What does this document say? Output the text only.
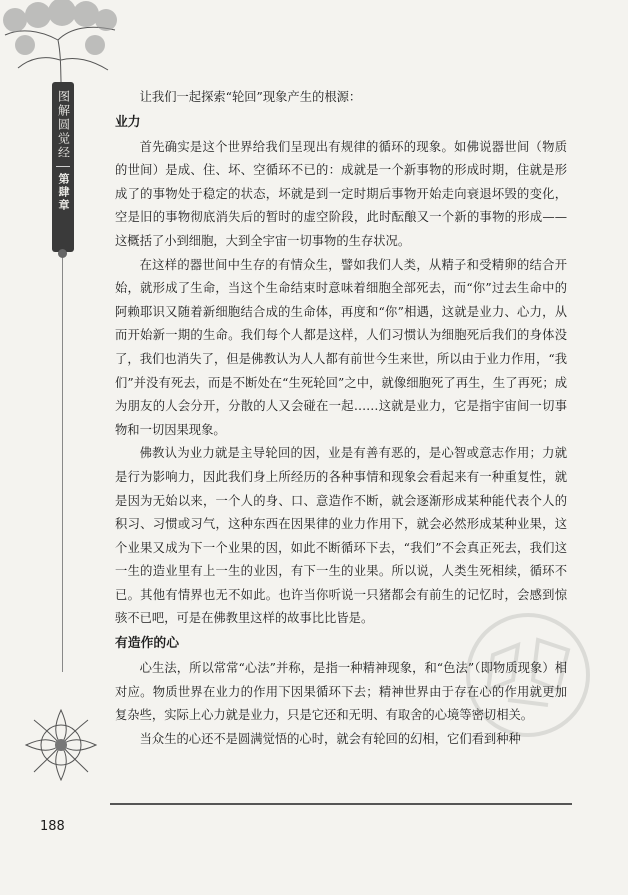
图解圆觉经
第肆章

让我们一起探索“轮回”现象产生的根源：

业力

首先确实是这个世界给我们呈现出有规律的循环的现象。如佛说器世间（物质的世间）是成、住、坏、空循环不已的：成就是一个新事物的形成时期，住就是形成了的事物处于稳定的状态，坏就是到一定时期后事物开始走向衰退坏毁的变化，空是旧的事物彻底消失后的暂时的虚空阶段，此时酝酿又一个新的事物的形成——这概括了小到细胞，大到全宇宙一切事物的生存状况。

在这样的器世间中生存的有情众生，譬如我们人类，从精子和受精卵的结合开始，就形成了生命，当这个生命结束时意味着细胞全部死去，而“你”过去生命中的阿赖耶识又随着新细胞结合成的生命体，再度和“你”相遇，这就是业力、心力，从而开始新一期的生命。我们每个人都是这样，人们习惯认为细胞死后我们的身体没了，我们也消失了，但是佛教认为人人都有前世今生来世，所以由于业力作用，“我们”并没有死去，而是不断处在“生死轮回”之中，就像细胞死了再生，生了再死；成为朋友的人会分开，分散的人又会碰在一起……这就是业力，它是指宇宙间一切事物和一切因果现象。

佛教认为业力就是主导轮回的因，业是有善有恶的，是心智或意志作用；力就是行为影响力，因此我们身上所经历的各种事情和现象会看起来有一种重复性，就是因为无始以来，一个人的身、口、意造作不断，就会逐渐形成某种能代表个人的积习、习惯或习气，这种东西在因果律的业力作用下，就会必然形成某种业果，这个业果又成为下一个业果的因，如此不断循环下去，“我们”不会真正死去，我们这一生的造业里有上一生的业因，有下一生的业果。所以说，人类生死相续，循环不已。其他有情界也无不如此。也许当你听说一只猪都会有前生的记忆时，会感到惊骇不已吧，可是在佛教里这样的故事比比皆是。

有造作的心

心生法，所以常常“心法”并称，是指一种精神现象，和“色法”（即物质现象）相对应。物质世界在业力的作用下因果循环下去；精神世界由于存在心的作用就更加复杂些，实际上心力就是业力，只是它还和无明、有取舍的心境等密切相关。

当众生的心还不是圆满觉悟的心时，就会有轮回的幻相，它们看到种种

188
